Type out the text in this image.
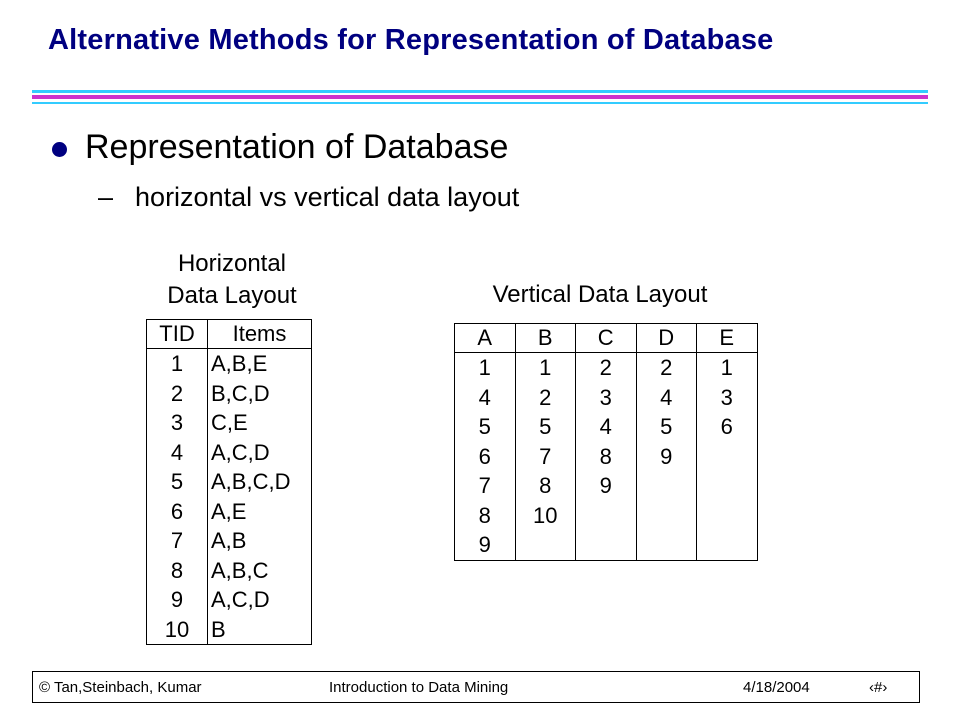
Alternative Methods for Representation of Database
Representation of Database
– horizontal vs vertical data layout
Horizontal
Data Layout
TID	Items
1	A,B,E
2	B,C,D
3	C,E
4	A,C,D
5	A,B,C,D
6	A,E
7	A,B
8	A,B,C
9	A,C,D
10	B
Vertical Data Layout
A	B	C	D	E
1	1	2	2	1
4	2	3	4	3
5	5	4	5	6
6	7	8	9	
7	8	9		
8	10			
9				
© Tan,Steinbach, Kumar	Introduction to Data Mining	4/18/2004	‹#›
